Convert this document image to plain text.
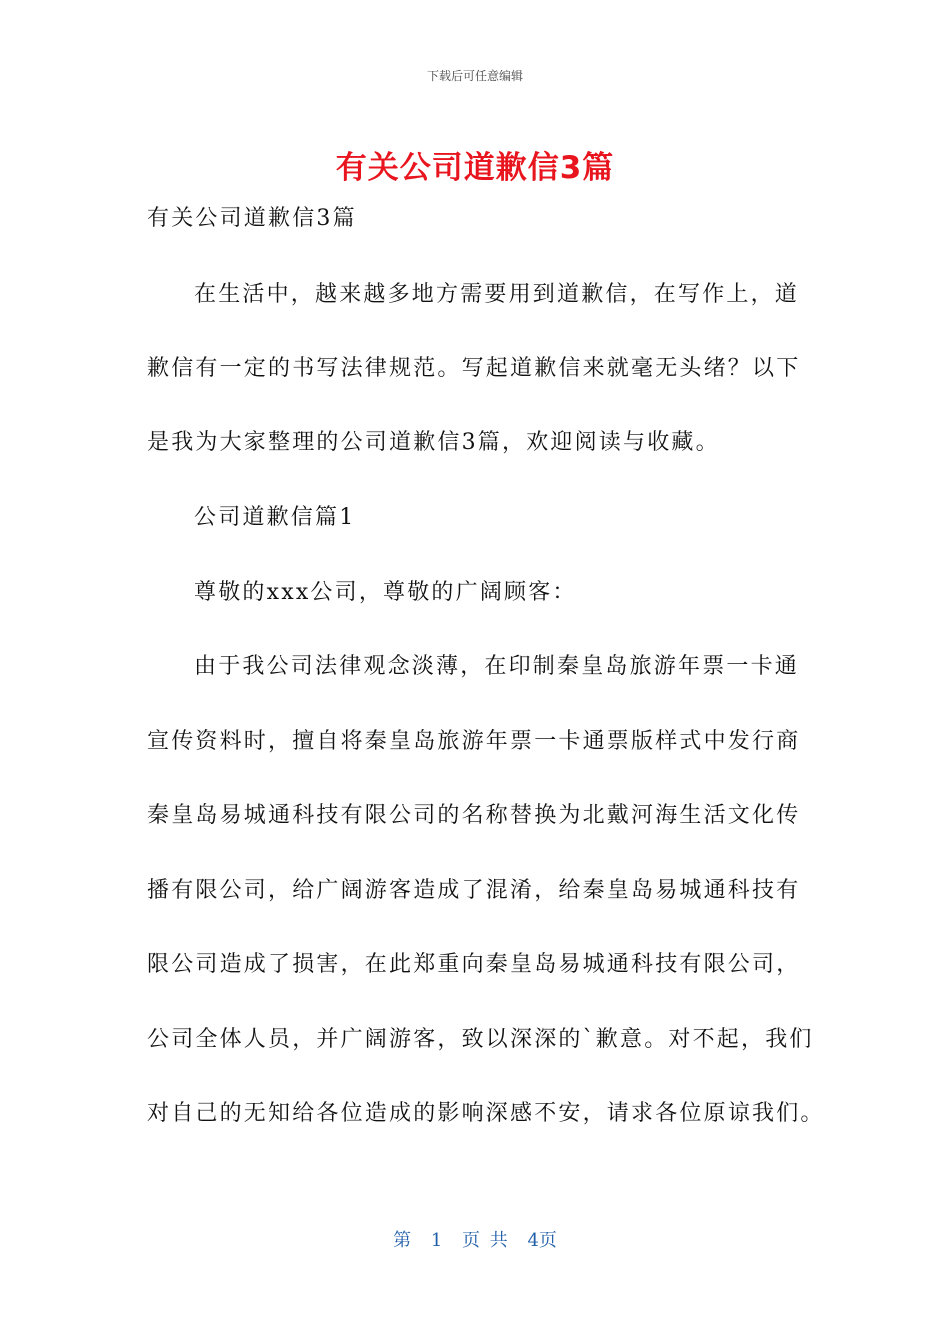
下载后可任意编辑
有关公司道歉信3篇
有关公司道歉信3篇
在生活中，越来越多地方需要用到道歉信，在写作上，道
歉信有一定的书写法律规范。写起道歉信来就毫无头绪？以下
是我为大家整理的公司道歉信3篇，欢迎阅读与收藏。
公司道歉信篇1
尊敬的xxx公司，尊敬的广阔顾客：
由于我公司法律观念淡薄，在印制秦皇岛旅游年票一卡通
宣传资料时，擅自将秦皇岛旅游年票一卡通票版样式中发行商
秦皇岛易城通科技有限公司的名称替换为北戴河海生活文化传
播有限公司，给广阔游客造成了混淆，给秦皇岛易城通科技有
限公司造成了损害，在此郑重向秦皇岛易城通科技有限公司，
公司全体人员，并广阔游客，致以深深的`歉意。对不起，我们
对自己的无知给各位造成的影响深感不安，请求各位原谅我们。
第 1 页 共 4页
